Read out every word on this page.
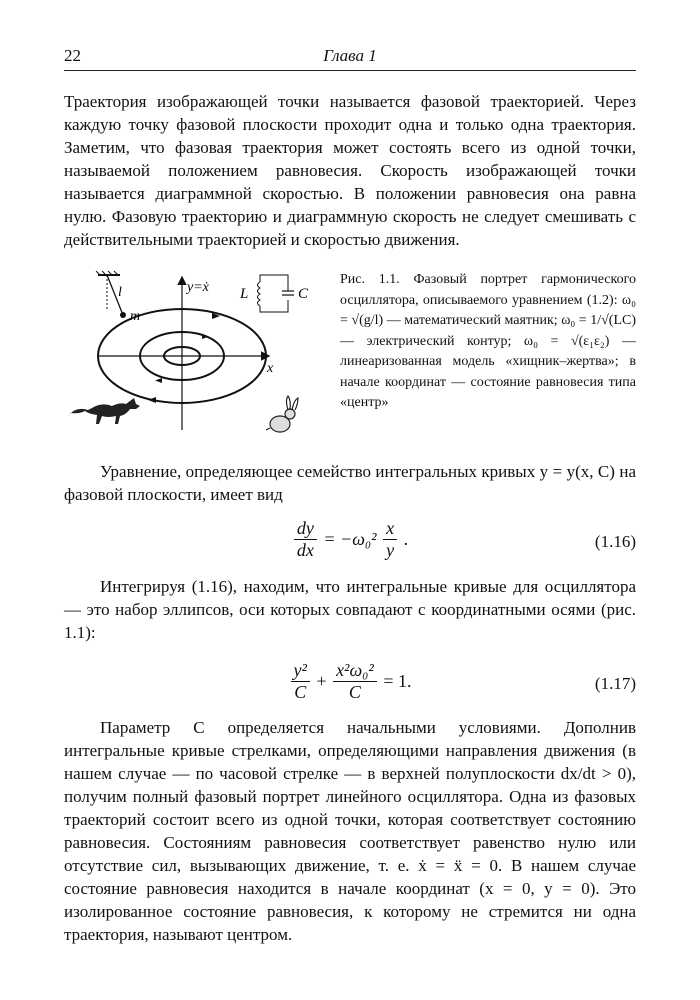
22	Глава 1

Траектория изображающей точки называется фазовой траекторией. Через каждую точку фазовой плоскости проходит одна и только одна траектория. Заметим, что фазовая траектория может состоять всего из одной точки, называемой положением равновесия. Скорость изображающей точки называется диаграммной скоростью. В положении равновесия она равна нулю. Фазовую траекторию и диаграммную скорость не следует смешивать с действительными траекторией и скоростью движения.

l
m
y=ẋ
x
L	C

Рис. 1.1. Фазовый портрет гармонического осциллятора, описываемого уравнением (1.2): ω₀ = √(g/l) — математический маятник; ω₀ = 1/√(LC) — электрический контур; ω₀ = √(ε₁ε₂) — линеаризованная модель «хищник–жертва»; в начале координат — состояние равновесия типа «центр»

Уравнение, определяющее семейство интегральных кривых y = y(x, C) на фазовой плоскости, имеет вид

$\frac{dy}{dx} = -\omega_0^2 \frac{x}{y}$ .	(1.16)

Интегрируя (1.16), находим, что интегральные кривые для осциллятора — это набор эллипсов, оси которых совпадают с координатными осями (рис. 1.1):

$\frac{\text{y²}}{C} + \frac{\text{x²ω₀²}}{C} = 1$.	(1.17)

Параметр C определяется начальными условиями. Дополнив интегральные кривые стрелками, определяющими направления движения (в нашем случае — по часовой стрелке — в верхней полуплоскости dx/dt > 0), получим полный фазовый портрет линейного осциллятора. Одна из фазовых траекторий состоит всего из одной точки, которая соответствует состоянию равновесия. Состояниям равновесия соответствует равенство нулю или отсутствие сил, вызывающих движение, т. е. ẋ = ẍ = 0. В нашем случае состояние равновесия находится в начале координат (x = 0, y = 0). Это изолированное состояние равновесия, к которому не стремится ни одна траектория, называют центром.
